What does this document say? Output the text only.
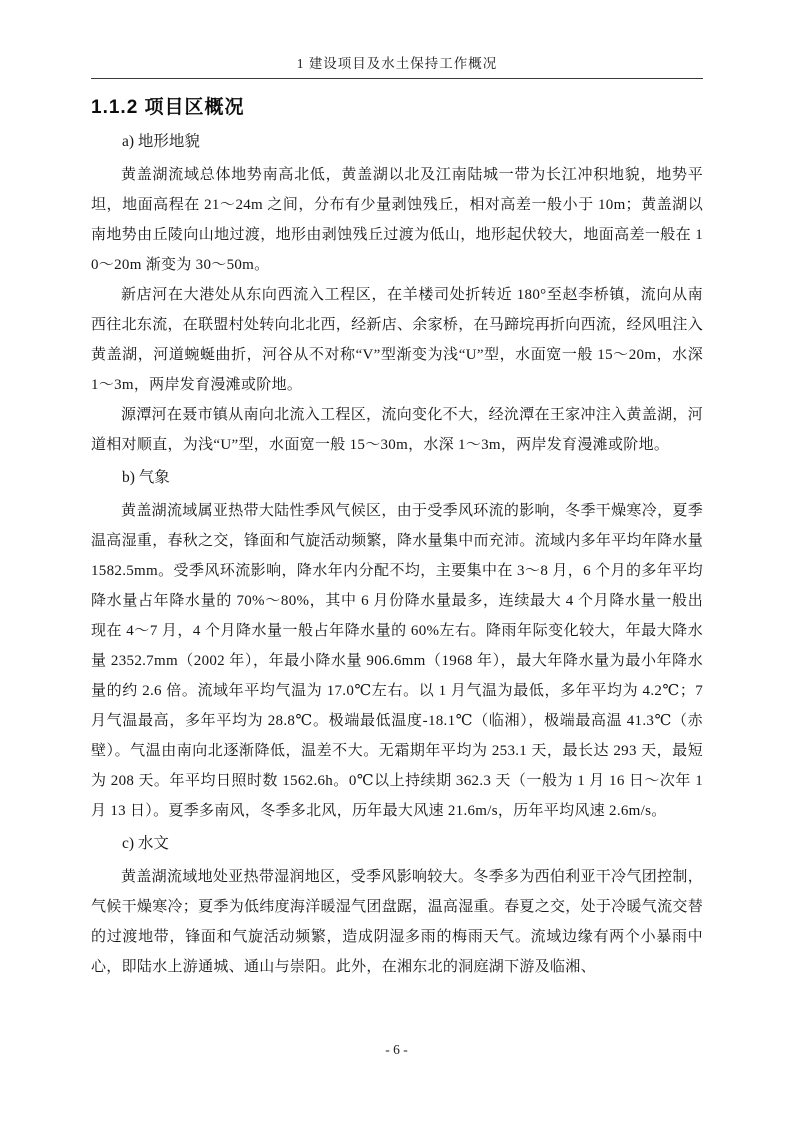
1 建设项目及水土保持工作概况
1.1.2 项目区概况

a) 地形地貌

黄盖湖流域总体地势南高北低，黄盖湖以北及江南陆城一带为长江冲积地貌，地势平坦，地面高程在 21～24m 之间，分布有少量剥蚀残丘，相对高差一般小于 10m；黄盖湖以南地势由丘陵向山地过渡，地形由剥蚀残丘过渡为低山，地形起伏较大，地面高差一般在 10～20m 渐变为 30～50m。

新店河在大港处从东向西流入工程区，在羊楼司处折转近 180°至赵李桥镇，流向从南西往北东流，在联盟村处转向北北西，经新店、余家桥，在马蹄垸再折向西流，经风咀注入黄盖湖，河道蜿蜒曲折，河谷从不对称“V”型渐变为浅“U”型，水面宽一般 15～20m，水深 1～3m，两岸发育漫滩或阶地。

源潭河在聂市镇从南向北流入工程区，流向变化不大，经沇潭在王家冲注入黄盖湖，河道相对顺直，为浅“U”型，水面宽一般 15～30m，水深 1～3m，两岸发育漫滩或阶地。

b) 气象

黄盖湖流域属亚热带大陆性季风气候区，由于受季风环流的影响，冬季干燥寒冷，夏季温高湿重，春秋之交，锋面和气旋活动频繁，降水量集中而充沛。流域内多年平均年降水量 1582.5mm。受季风环流影响，降水年内分配不均，主要集中在 3～8 月，6 个月的多年平均降水量占年降水量的 70%～80%，其中 6 月份降水量最多，连续最大 4 个月降水量一般出现在 4～7 月，4 个月降水量一般占年降水量的 60%左右。降雨年际变化较大，年最大降水量 2352.7mm（2002 年），年最小降水量 906.6mm（1968 年），最大年降水量为最小年降水量的约 2.6 倍。流域年平均气温为 17.0℃左右。以 1 月气温为最低，多年平均为 4.2℃；7 月气温最高，多年平均为 28.8℃。极端最低温度-18.1℃（临湘），极端最高温 41.3℃（赤壁）。气温由南向北逐渐降低，温差不大。无霜期年平均为 253.1 天，最长达 293 天，最短为 208 天。年平均日照时数 1562.6h。0℃以上持续期 362.3 天（一般为 1 月 16 日～次年 1 月 13 日）。夏季多南风，冬季多北风，历年最大风速 21.6m/s，历年平均风速 2.6m/s。

c) 水文

黄盖湖流域地处亚热带湿润地区，受季风影响较大。冬季多为西伯利亚干冷气团控制，气候干燥寒冷；夏季为低纬度海洋暖湿气团盘踞，温高湿重。春夏之交，处于冷暖气流交替的过渡地带，锋面和气旋活动频繁，造成阴湿多雨的梅雨天气。流域边缘有两个小暴雨中心，即陆水上游通城、通山与崇阳。此外，在湘东北的洞庭湖下游及临湘、

- 6 -
